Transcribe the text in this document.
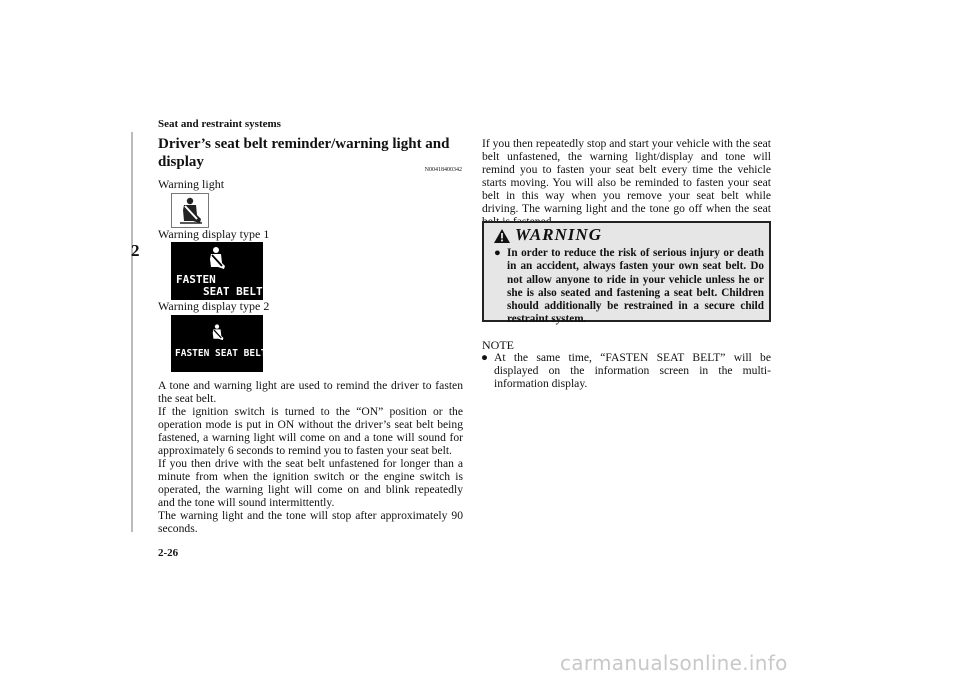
Seat and restraint systems
2
2-26
Driver’s seat belt reminder/warning light and display	N00418400342
Warning light
Warning display type 1
FASTEN
SEAT BELT
Warning display type 2
FASTEN SEAT BELT
A tone and warning light are used to remind the driver to fasten the seat belt.
If the ignition switch is turned to the “ON” position or the operation mode is put in ON without the driver’s seat belt being fastened, a warning light will come on and a tone will sound for approximately 6 seconds to remind you to fasten your seat belt.
If you then drive with the seat belt unfastened for longer than a minute from when the ignition switch or the engine switch is operated, the warning light will come on and blink repeatedly and the tone will sound intermittently.
The warning light and the tone will stop after approximately 90 seconds.
If you then repeatedly stop and start your vehicle with the seat belt unfastened, the warning light/display and tone will remind you to fasten your seat belt every time the vehicle starts moving. You will also be reminded to fasten your seat belt in this way when you remove your seat belt while driving. The warning light and the tone go off when the seat
WARNING
● In order to reduce the risk of serious injury or death in an accident, always fasten your own seat belt. Do not allow anyone to ride in your vehicle unless he or she is also seated and fastening a seat belt. Children should additionally be restrained in a secure child restraint system.
NOTE
● At the same time, “FASTEN SEAT BELT” will be displayed on the information screen in the multi-information display.
carmanualsonline.info
